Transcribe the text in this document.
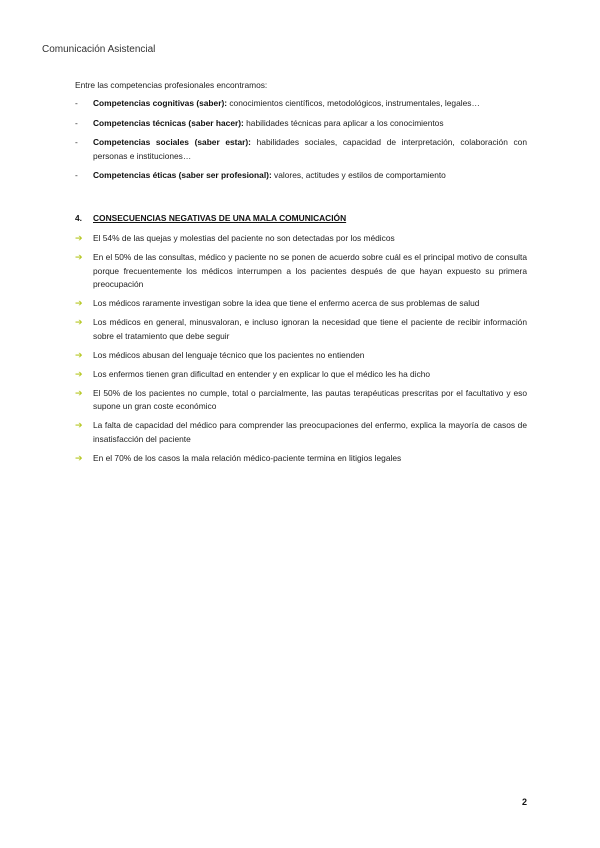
Comunicación Asistencial
Entre las competencias profesionales encontramos:
- Competencias cognitivas (saber): conocimientos científicos, metodológicos, instrumentales, legales…
- Competencias técnicas (saber hacer): habilidades técnicas para aplicar a los conocimientos
- Competencias sociales (saber estar): habilidades sociales, capacidad de interpretación, colaboración con personas e instituciones…
- Competencias éticas (saber ser profesional): valores, actitudes y estilos de comportamiento
4. CONSECUENCIAS NEGATIVAS DE UNA MALA COMUNICACIÓN
➔ El 54% de las quejas y molestias del paciente no son detectadas por los médicos
➔ En el 50% de las consultas, médico y paciente no se ponen de acuerdo sobre cuál es el principal motivo de consulta porque frecuentemente los médicos interrumpen a los pacientes después de que hayan expuesto su primera preocupación
➔ Los médicos raramente investigan sobre la idea que tiene el enfermo acerca de sus problemas de salud
➔ Los médicos en general, minusvaloran, e incluso ignoran la necesidad que tiene el paciente de recibir información sobre el tratamiento que debe seguir
➔ Los médicos abusan del lenguaje técnico que los pacientes no entienden
➔ Los enfermos tienen gran dificultad en entender y en explicar lo que el médico les ha dicho
➔ El 50% de los pacientes no cumple, total o parcialmente, las pautas terapéuticas prescritas por el facultativo y eso supone un gran coste económico
➔ La falta de capacidad del médico para comprender las preocupaciones del enfermo, explica la mayoría de casos de insatisfacción del paciente
➔ En el 70% de los casos la mala relación médico-paciente termina en litigios legales
2
